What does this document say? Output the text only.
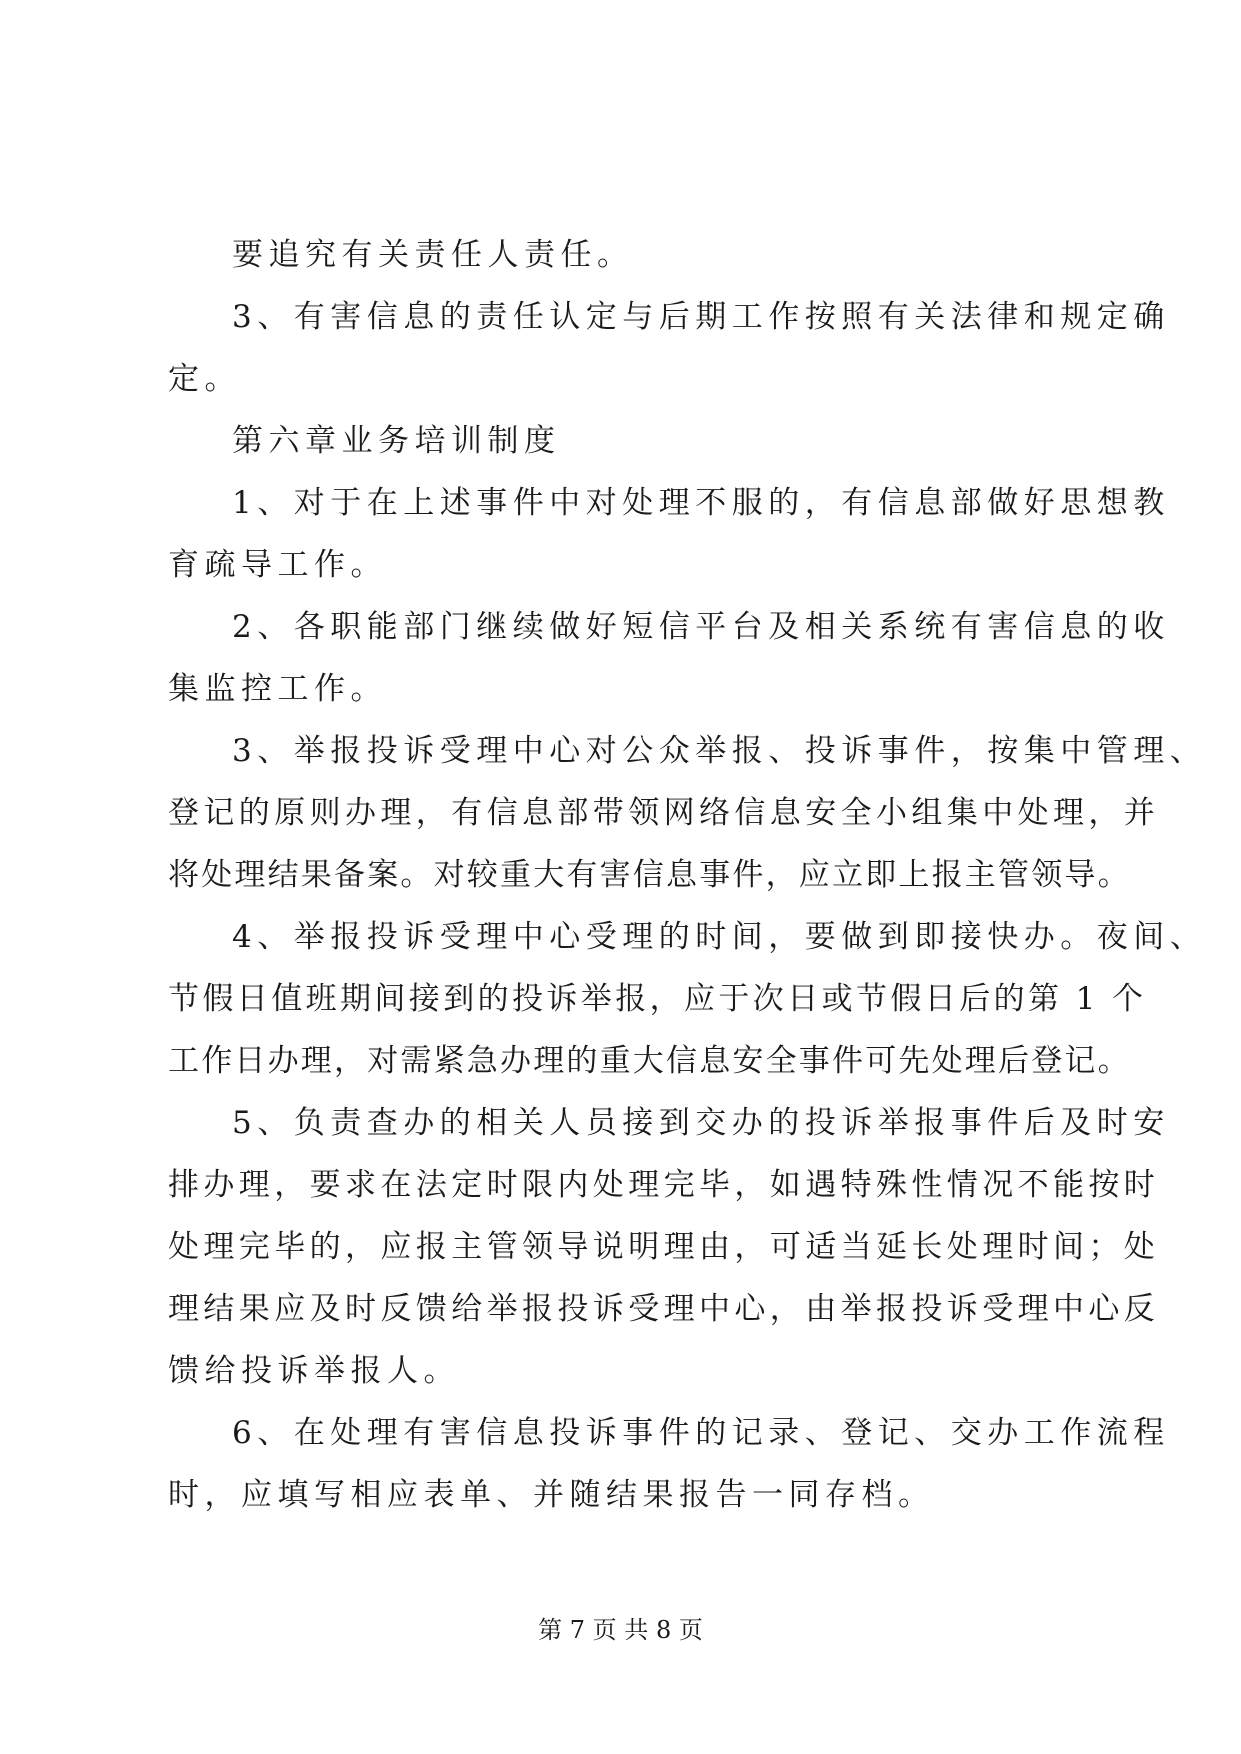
要追究有关责任人责任。
3、有害信息的责任认定与后期工作按照有关法律和规定确
定。
第六章业务培训制度
1、对于在上述事件中对处理不服的，有信息部做好思想教
育疏导工作。
2、各职能部门继续做好短信平台及相关系统有害信息的收
集监控工作。
3、举报投诉受理中心对公众举报、投诉事件，按集中管理、
登记的原则办理，有信息部带领网络信息安全小组集中处理，并
将处理结果备案。对较重大有害信息事件，应立即上报主管领导。
4、举报投诉受理中心受理的时间，要做到即接快办。夜间、
节假日值班期间接到的投诉举报，应于次日或节假日后的第 1 个
工作日办理，对需紧急办理的重大信息安全事件可先处理后登记。
5、负责查办的相关人员接到交办的投诉举报事件后及时安
排办理，要求在法定时限内处理完毕，如遇特殊性情况不能按时
处理完毕的，应报主管领导说明理由，可适当延长处理时间；处
理结果应及时反馈给举报投诉受理中心，由举报投诉受理中心反
馈给投诉举报人。
6、在处理有害信息投诉事件的记录、登记、交办工作流程
时，应填写相应表单、并随结果报告一同存档。
第 7 页 共 8 页
